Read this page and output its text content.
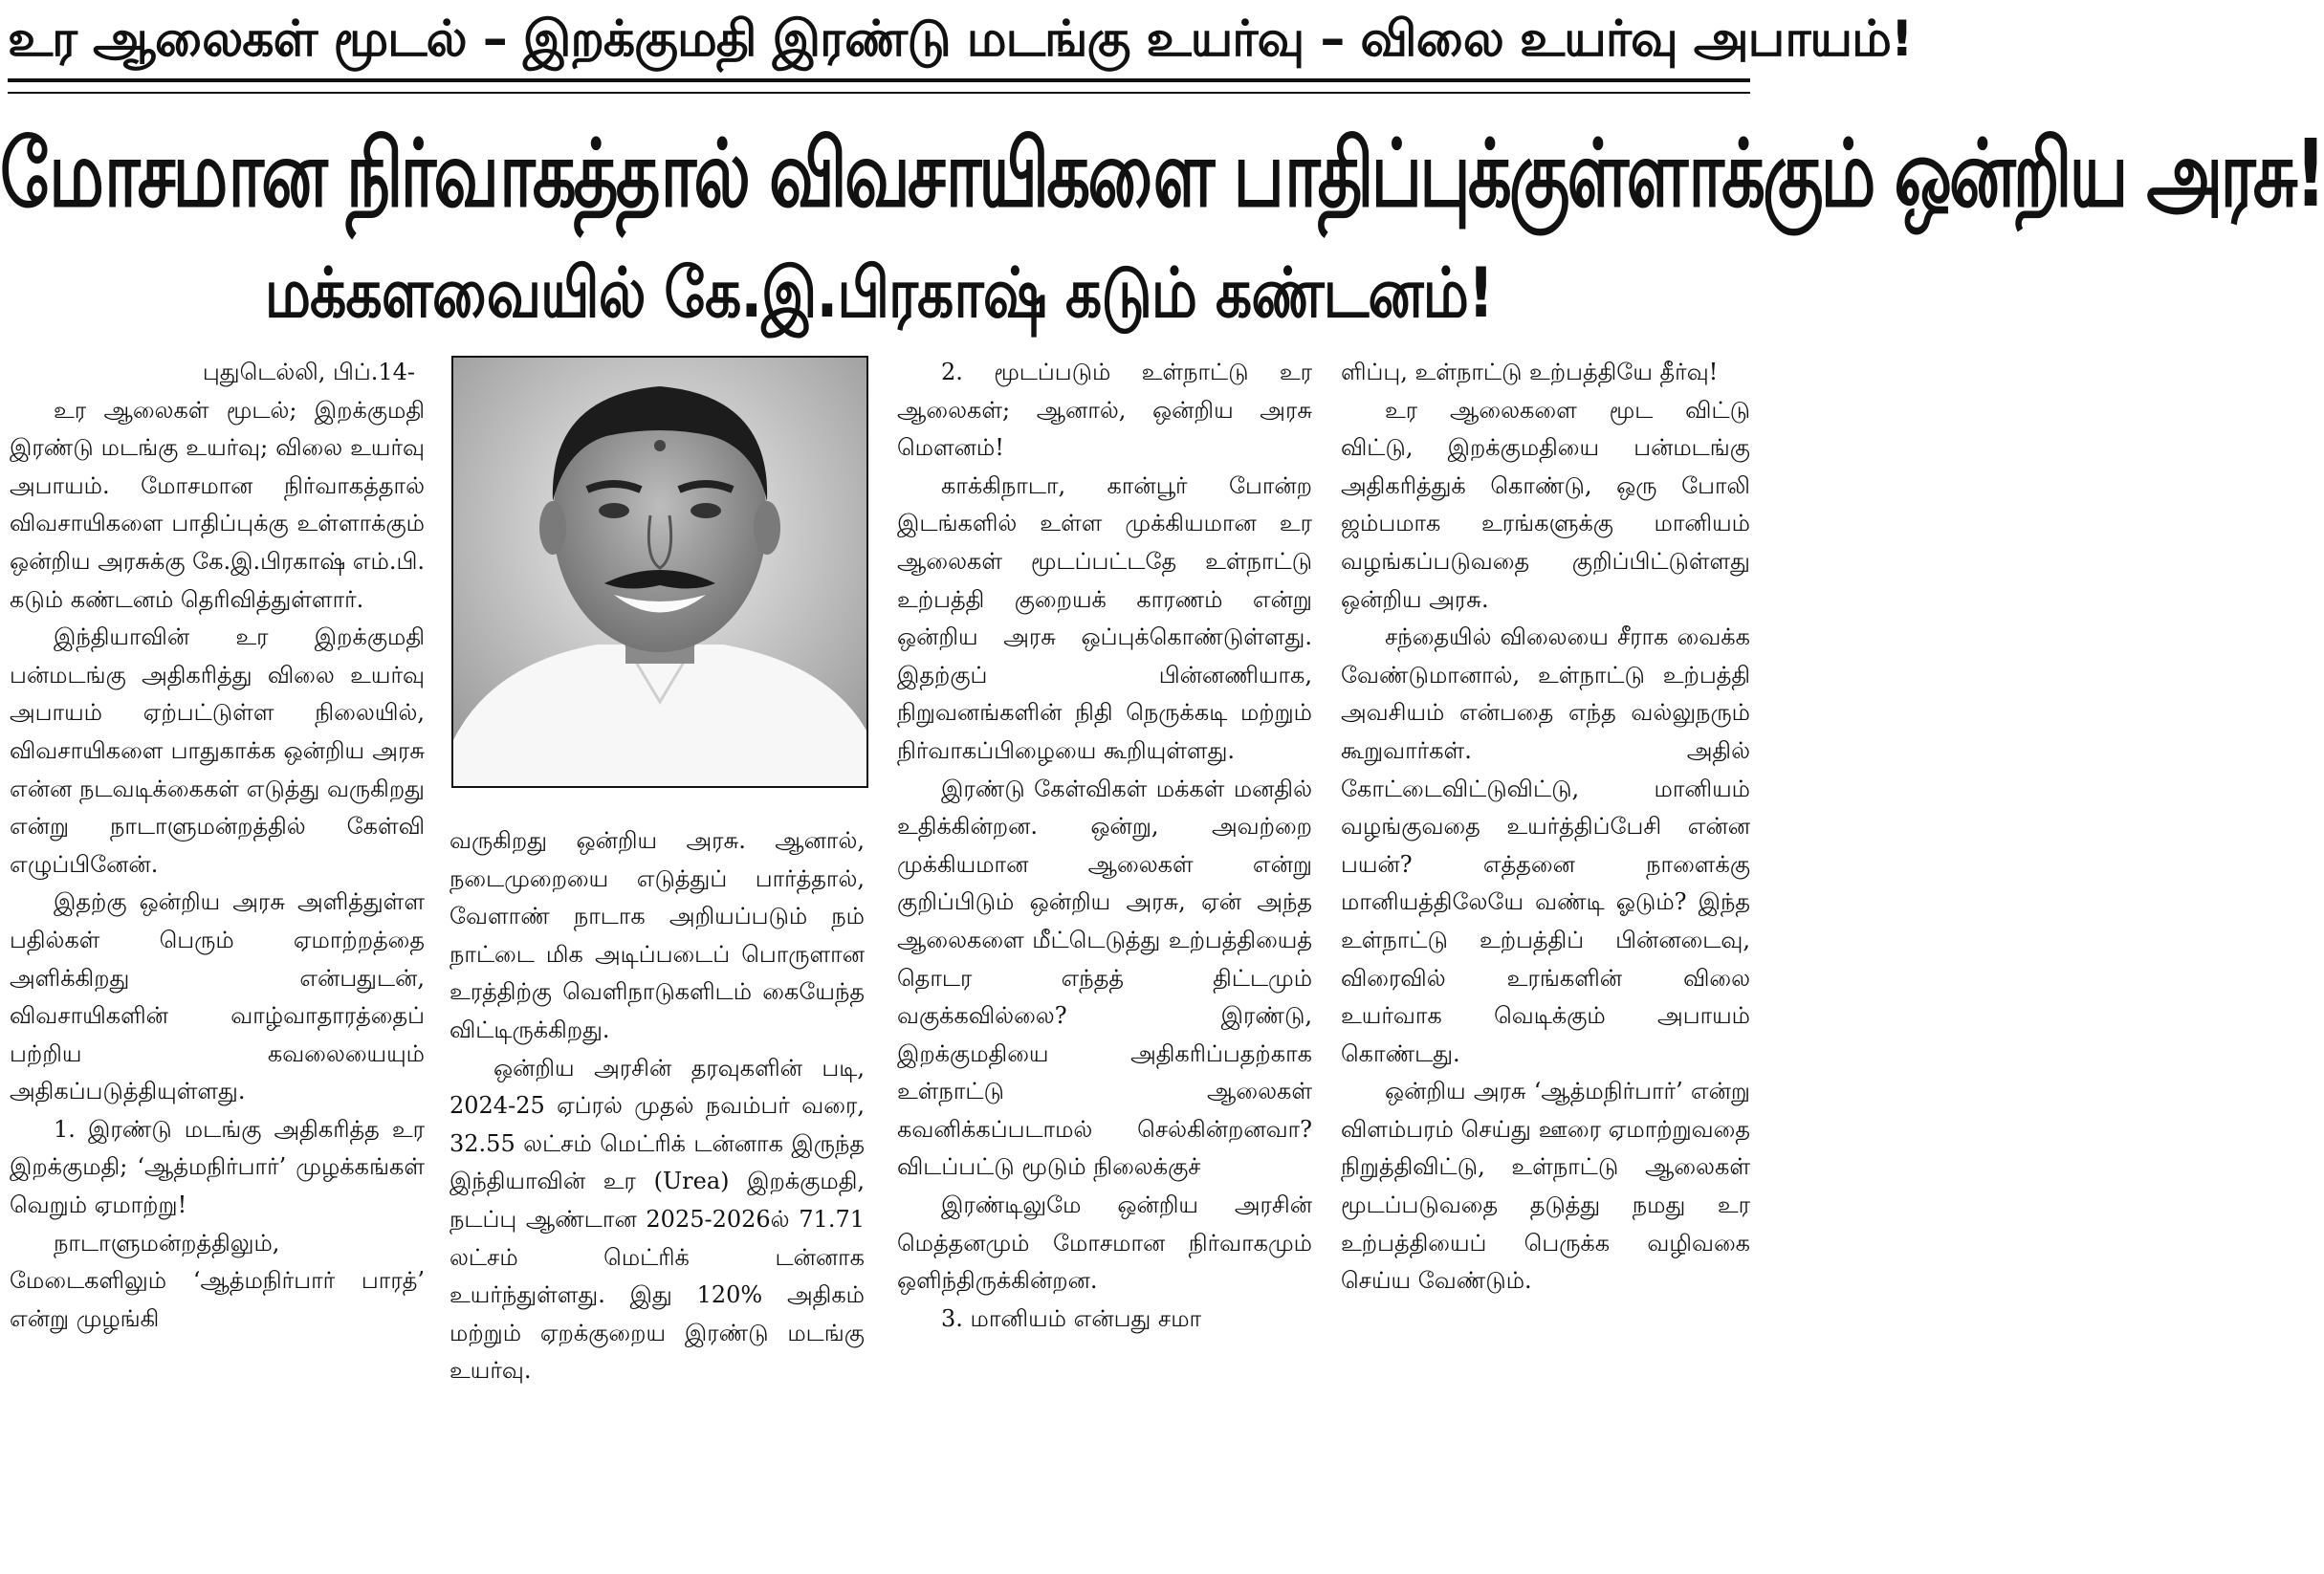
உர ஆலைகள் மூடல் – இறக்குமதி இரண்டு மடங்கு உயர்வு – விலை உயர்வு அபாயம்!
மோசமான நிர்வாகத்தால் விவசாயிகளை பாதிப்புக்குள்ளாக்கும் ஒன்றிய அரசு!
மக்களவையில் கே.இ.பிரகாஷ் கடும் கண்டனம்!

புதுடெல்லி, பிப்.14-

உர ஆலைகள் மூடல்; இறக்குமதி இரண்டு மடங்கு உயர்வு; விலை உயர்வு அபாயம். மோசமான நிர்வாகத்தால் விவசாயிகளை பாதிப்புக்கு உள்ளாக்கும் ஒன்றிய அரசுக்கு கே.இ.பிரகாஷ் எம்.பி. கடும் கண்டனம் தெரிவித்துள்ளார்.

இந்தியாவின் உர இறக்குமதி பன்மடங்கு அதிகரித்து விலை உயர்வு அபாயம் ஏற்பட்டுள்ள நிலையில், விவசாயிகளை பாதுகாக்க ஒன்றிய அரசு என்ன நடவடிக்கைகள் எடுத்து வருகிறது என்று நாடாளுமன்றத்தில் கேள்வி எழுப்பினேன்.

இதற்கு ஒன்றிய அரசு அளித்துள்ள பதில்கள் பெரும் ஏமாற்றத்தை அளிக்கிறது என்பதுடன், விவசாயிகளின் வாழ்வாதாரத்தைப் பற்றிய கவலையையும் அதிகப்படுத்தியுள்ளது.

1. இரண்டு மடங்கு அதிகரித்த உர இறக்குமதி; ‘ஆத்மநிர்பார்’ முழக்கங்கள் வெறும் ஏமாற்று!

நாடாளுமன்றத்திலும், மேடைகளிலும் ‘ஆத்மநிர்பார் பாரத்’ என்று முழங்கி

வருகிறது ஒன்றிய அரசு. ஆனால், நடைமுறையை எடுத்துப் பார்த்தால், வேளாண் நாடாக அறியப்படும் நம் நாட்டை மிக அடிப்படைப் பொருளான உரத்திற்கு வெளிநாடுகளிடம் கையேந்த விட்டிருக்கிறது.

ஒன்றிய அரசின் தரவுகளின் படி, 2024-25 ஏப்ரல் முதல் நவம்பர் வரை, 32.55 லட்சம் மெட்ரிக் டன்னாக இருந்த இந்தியாவின் உர (Urea) இறக்குமதி, நடப்பு ஆண்டான 2025-2026ல் 71.71 லட்சம் மெட்ரிக் டன்னாக உயர்ந்துள்ளது. இது 120% அதிகம் மற்றும் ஏறக்குறைய இரண்டு மடங்கு உயர்வு.

2. மூடப்படும் உள்நாட்டு உர ஆலைகள்; ஆனால், ஒன்றிய அரசு மௌனம்!

காக்கிநாடா, கான்பூர் போன்ற இடங்களில் உள்ள முக்கியமான உர ஆலைகள் மூடப்பட்டதே உள்நாட்டு உற்பத்தி குறையக் காரணம் என்று ஒன்றிய அரசு ஒப்புக்கொண்டுள்ளது. இதற்குப் பின்னணியாக, நிறுவனங்களின் நிதி நெருக்கடி மற்றும் நிர்வாகப்பிழையை கூறியுள்ளது.

இரண்டு கேள்விகள் மக்கள் மனதில் உதிக்கின்றன. ஒன்று, அவற்றை முக்கியமான ஆலைகள் என்று குறிப்பிடும் ஒன்றிய அரசு, ஏன் அந்த ஆலைகளை மீட்டெடுத்து உற்பத்தியைத் தொடர எந்தத் திட்டமும் வகுக்கவில்லை? இரண்டு, இறக்குமதியை அதிகரிப்பதற்காக உள்நாட்டு ஆலைகள் கவனிக்கப்படாமல் செல்கின்றனவா? விடப்பட்டு மூடும் நிலைக்குச்

இரண்டிலுமே ஒன்றிய அரசின் மெத்தனமும் மோசமான நிர்வாகமும் ஒளிந்திருக்கின்றன.

3. மானியம் என்பது சமா

ளிப்பு, உள்நாட்டு உற்பத்தியே தீர்வு!

உர ஆலைகளை மூட விட்டு விட்டு, இறக்குமதியை பன்மடங்கு அதிகரித்துக் கொண்டு, ஒரு போலி ஜம்பமாக உரங்களுக்கு மானியம் வழங்கப்படுவதை குறிப்பிட்டுள்ளது ஒன்றிய அரசு.

சந்தையில் விலையை சீராக வைக்க வேண்டுமானால், உள்நாட்டு உற்பத்தி அவசியம் என்பதை எந்த வல்லுநரும் கூறுவார்கள். அதில் கோட்டைவிட்டுவிட்டு, மானியம் வழங்குவதை உயர்த்திப்பேசி என்ன பயன்? எத்தனை நாளைக்கு மானியத்திலேயே வண்டி ஓடும்? இந்த உள்நாட்டு உற்பத்திப் பின்னடைவு, விரைவில் உரங்களின் விலை உயர்வாக வெடிக்கும் அபாயம் கொண்டது.

ஒன்றிய அரசு ‘ஆத்மநிர்பார்’ என்று விளம்பரம் செய்து ஊரை ஏமாற்றுவதை நிறுத்திவிட்டு, உள்நாட்டு ஆலைகள் மூடப்படுவதை தடுத்து நமது உர உற்பத்தியைப் பெருக்க வழிவகை செய்ய வேண்டும்.
